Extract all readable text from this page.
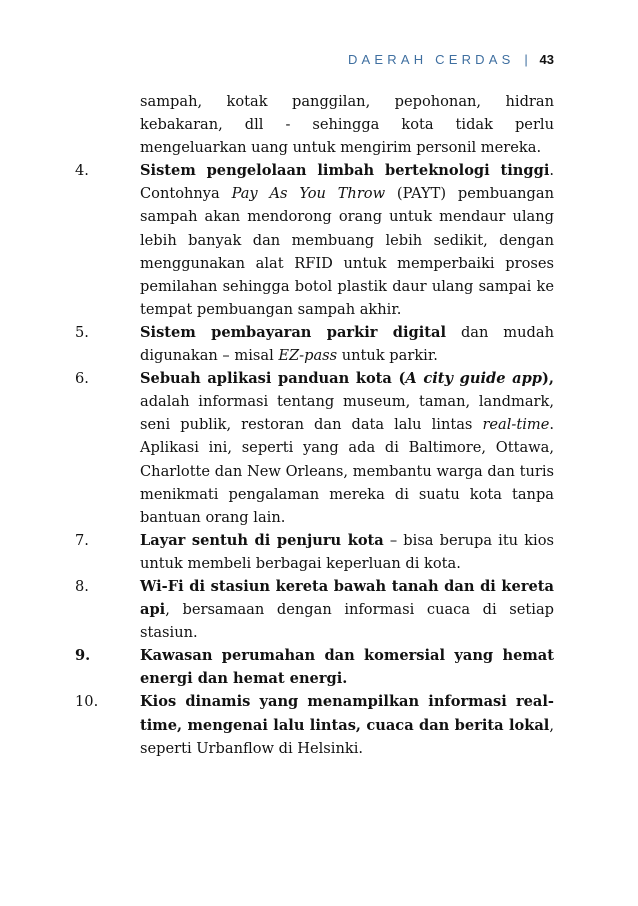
DAERAH CERDAS | 43
sampah, kotak panggilan, pepohonan, hidran kebakaran, dll - sehingga kota tidak perlu mengeluarkan uang untuk mengirim personil mereka.
4.	Sistem pengelolaan limbah berteknologi tinggi. Contohnya Pay As You Throw (PAYT) pembuangan sampah akan mendorong orang untuk mendaur ulang lebih banyak dan membuang lebih sedikit, dengan menggunakan alat RFID untuk memperbaiki proses pemilahan sehingga botol plastik daur ulang sampai ke tempat pembuangan sampah akhir.
5.	Sistem pembayaran parkir digital dan mudah digunakan – misal EZ-pass untuk parkir.
6.	Sebuah aplikasi panduan kota (A city guide app), adalah informasi tentang museum, taman, landmark, seni publik, restoran dan data lalu lintas real-time. Aplikasi ini, seperti yang ada di Baltimore, Ottawa, Charlotte dan New Orleans, membantu warga dan turis menikmati pengalaman mereka di suatu kota tanpa bantuan orang lain.
7.	Layar sentuh di penjuru kota – bisa berupa itu kios untuk membeli berbagai keperluan di kota.
8.	Wi-Fi di stasiun kereta bawah tanah dan di kereta api, bersamaan dengan informasi cuaca di setiap stasiun.
9.	Kawasan perumahan dan komersial yang hemat energi dan hemat energi.
10.	Kios dinamis yang menampilkan informasi real-time, mengenai lalu lintas, cuaca dan berita lokal, seperti Urbanflow di Helsinki.
